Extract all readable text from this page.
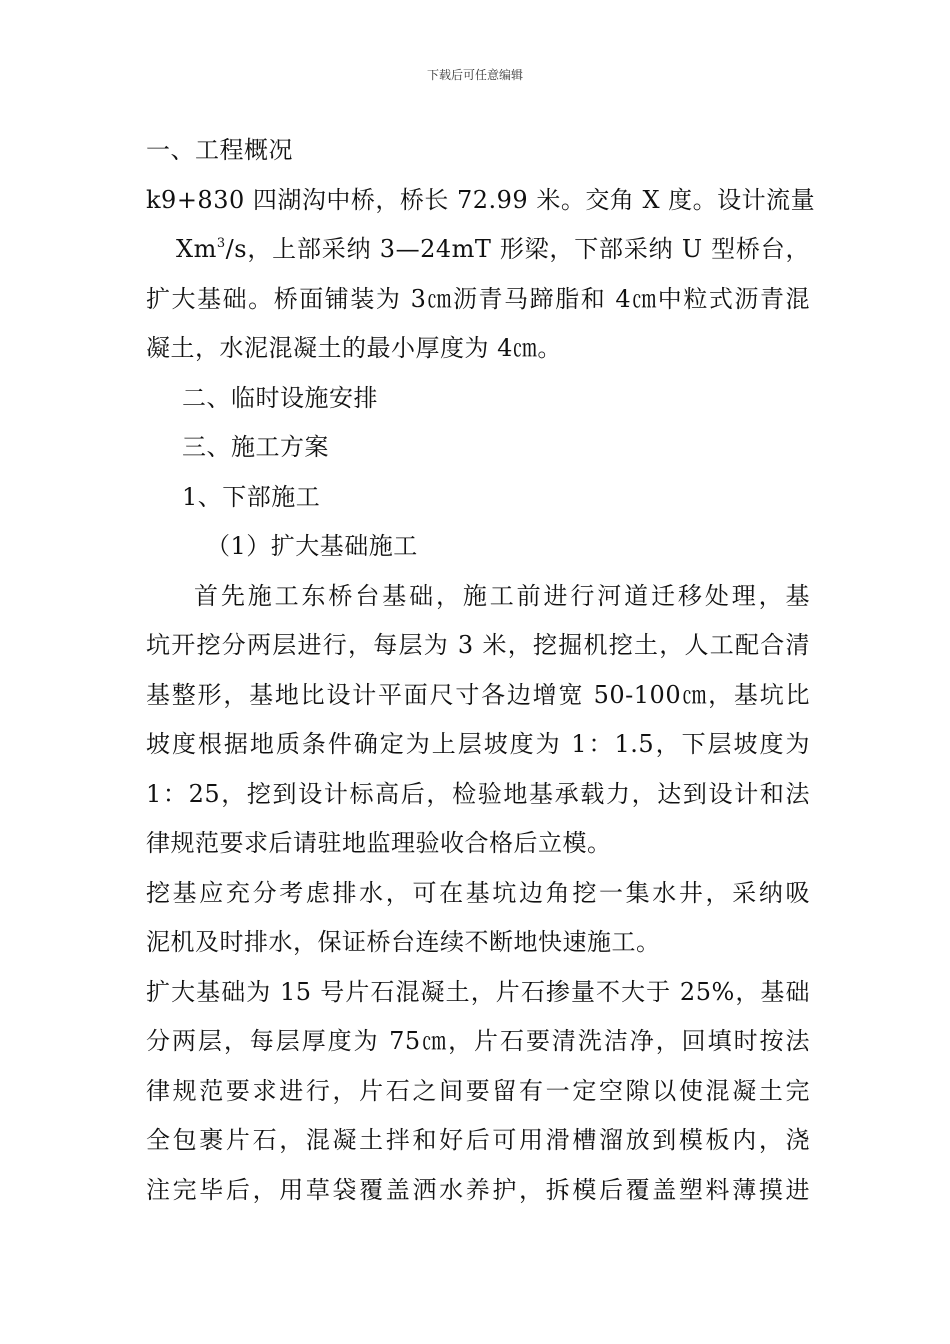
下载后可任意编辑
一、工程概况
k9+830 四湖沟中桥，桥长 72.99 米。交角 X 度。设计流量
Xm$^3$/s，上部采纳 3—24mT 形梁，下部采纳 U 型桥台，
扩大基础。桥面铺装为 3㎝沥青马蹄脂和 4㎝中粒式沥青混
凝土，水泥混凝土的最小厚度为 4㎝。
二、临时设施安排
三、施工方案
1、下部施工
（1）扩大基础施工
首先施工东桥台基础，施工前进行河道迁移处理，基
坑开挖分两层进行，每层为 3 米，挖掘机挖土，人工配合清
基整形，基地比设计平面尺寸各边增宽 50-100㎝，基坑比
坡度根据地质条件确定为上层坡度为 1：1.5，下层坡度为
1：25，挖到设计标高后，检验地基承载力，达到设计和法
律规范要求后请驻地监理验收合格后立模。
挖基应充分考虑排水，可在基坑边角挖一集水井，采纳吸
泥机及时排水，保证桥台连续不断地快速施工。
扩大基础为 15 号片石混凝土，片石掺量不大于 25%，基础
分两层，每层厚度为 75㎝，片石要清洗洁净，回填时按法
律规范要求进行，片石之间要留有一定空隙以使混凝土完
全包裹片石，混凝土拌和好后可用滑槽溜放到模板内，浇
注完毕后，用草袋覆盖洒水养护，拆模后覆盖塑料薄摸进
